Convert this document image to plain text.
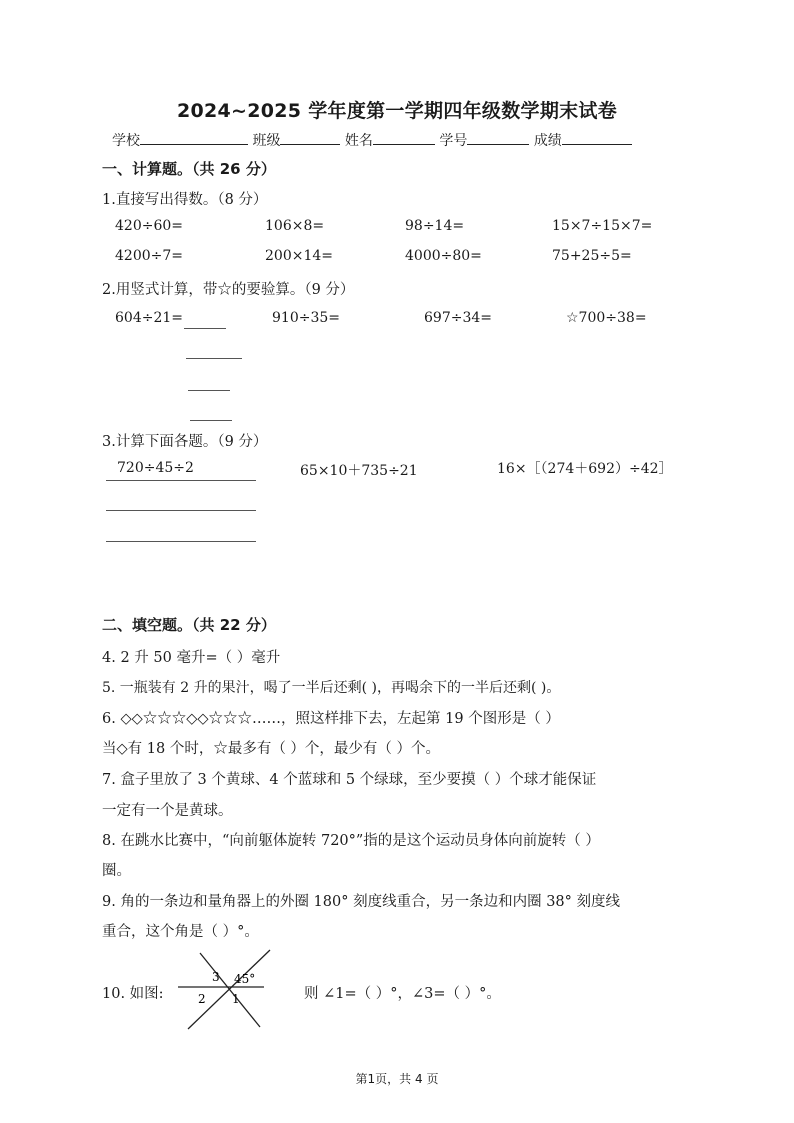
2024~2025 学年度第一学期四年级数学期末试卷
学校	班级	姓名	学号	成绩
一、计算题。（共 26 分）
1.直接写出得数。（8 分）
420÷60=	106×8=	98÷14=	15×7÷15×7=
4200÷7=	200×14=	4000÷80=	75+25÷5=
2.用竖式计算，带☆的要验算。（9 分）
604÷21=	910÷35=	697÷34=	☆700÷38=
3.计算下面各题。（9 分）
720÷45÷2	65×10＋735÷21	16×［（274＋692）÷42］
二、填空题。（共 22 分）
4. 2 升 50 毫升=（ ）毫升
5. 一瓶装有 2 升的果汁，喝了一半后还剩( )，再喝余下的一半后还剩( )。
6. ◇◇☆☆☆◇◇☆☆☆……，照这样排下去，左起第 19 个图形是（ ）
当◇有 18 个时，☆最多有（ ）个，最少有（ ）个。
7. 盒子里放了 3 个黄球、4 个蓝球和 5 个绿球，至少要摸（ ）个球才能保证
一定有一个是黄球。
8. 在跳水比赛中，“向前躯体旋转 720°”指的是这个运动员身体向前旋转（ ）
圈。
9. 角的一条边和量角器上的外圈 180° 刻度线重合，另一条边和内圈 38° 刻度线
重合，这个角是（ ）°。
10. 如图:
3 45°
2 1	则 ∠1=（ ）°，∠3=（ ）°。
第1页，共 4 页
